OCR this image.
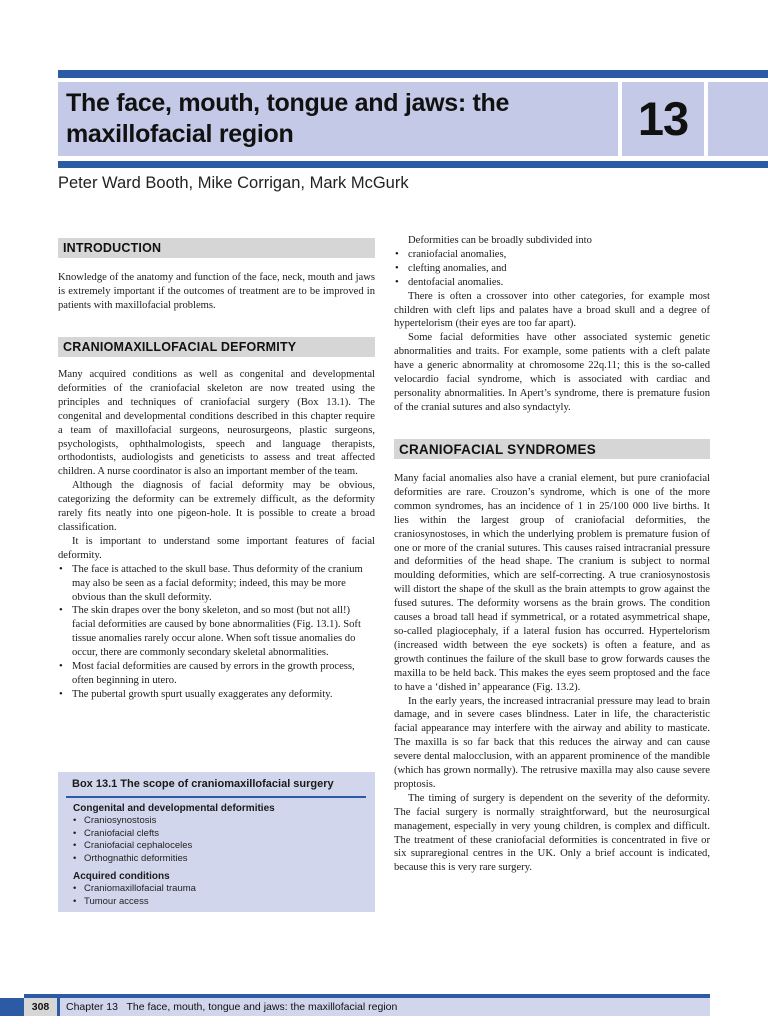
The face, mouth, tongue and jaws: the
maxillofacial region	13
Peter Ward Booth, Mike Corrigan, Mark McGurk
INTRODUCTION

Knowledge of the anatomy and function of the face, neck, mouth and jaws is extremely important if the outcomes of treatment are to be improved in patients with maxillofacial problems.

CRANIOMAXILLOFACIAL DEFORMITY

Many acquired conditions as well as congenital and developmental deformities of the craniofacial skeleton are now treated using the principles and techniques of craniofacial surgery (Box 13.1). The congenital and developmental conditions described in this chapter require a team of maxillofacial surgeons, neurosurgeons, plastic surgeons, psychologists, ophthalmologists, speech and language therapists, orthodontists, audiologists and geneticists to assess and treat affected children. A nurse coordinator is also an important member of the team.

Although the diagnosis of facial deformity may be obvious, categorizing the deformity can be extremely difficult, as the deformity rarely fits neatly into one pigeon-hole. It is possible to create a broad classification.

It is important to understand some important features of facial deformity.

• The face is attached to the skull base. Thus deformity of the cranium may also be seen as a facial deformity; indeed, this may be more obvious than the skull deformity.
• The skin drapes over the bony skeleton, and so most (but not all!) facial deformities are caused by bone abnormalities (Fig. 13.1). Soft tissue anomalies rarely occur alone. When soft tissue anomalies do occur, there are commonly secondary skeletal abnormalities.
• Most facial deformities are caused by errors in the growth process, often beginning in utero.
• The pubertal growth spurt usually exaggerates any deformity.
Box 13.1 The scope of craniomaxillofacial surgery
Congenital and developmental deformities
• Craniosynostosis
• Craniofacial clefts
• Craniofacial cephaloceles
• Orthognathic deformities
Acquired conditions
• Craniomaxillofacial trauma
• Tumour access

Deformities can be broadly subdivided into

• craniofacial anomalies,
• clefting anomalies, and
• dentofacial anomalies.

There is often a crossover into other categories, for example most children with cleft lips and palates have a broad skull and a degree of hypertelorism (their eyes are too far apart).

Some facial deformities have other associated systemic genetic abnormalities and traits. For example, some patients with a cleft palate have a generic abnormality at chromosome 22q.11; this is the so-called velocardio facial syndrome, which is associated with cardiac and personality abnormalities. In Apert’s syndrome, there is premature fusion of the cranial sutures and also syndactyly.

CRANIOFACIAL SYNDROMES

Many facial anomalies also have a cranial element, but pure craniofacial deformities are rare. Crouzon’s syndrome, which is one of the more common syndromes, has an incidence of 1 in 25/100 000 live births. It lies within the largest group of craniofacial deformities, the craniosynostoses, in which the underlying problem is premature fusion of one or more of the cranial sutures. This causes raised intracranial pressure and deformities of the head shape. The cranium is subject to normal moulding deformities, which are self-correcting. A true craniosynostosis will distort the shape of the skull as the brain attempts to grow against the fused sutures. The deformity worsens as the brain grows. The condition causes a broad tall head if symmetrical, or a rotated asymmetrical shape, so-called plagiocephaly, if a lateral fusion has occurred. Hypertelorism (increased width between the eye sockets) is often a feature, and as growth continues the failure of the skull base to grow forwards causes the maxilla to be held back. This makes the eyes seem proptosed and the face to have a ‘dished in’ appearance (Fig. 13.2).

In the early years, the increased intracranial pressure may lead to brain damage, and in severe cases blindness. Later in life, the characteristic facial appearance may interfere with the airway and ability to masticate. The maxilla is so far back that this reduces the airway and can cause severe dental malocclusion, with an apparent prominence of the mandible (which has grown normally). The retrusive maxilla may also cause severe proptosis.

The timing of surgery is dependent on the severity of the deformity. The facial surgery is normally straightforward, but the neurosurgical management, especially in very young children, is complex and difficult. The treatment of these craniofacial deformities is concentrated in five or six supraregional centres in the UK. Only a brief account is indicated, because this is very rare surgery.

308	Chapter 13   The face, mouth, tongue and jaws: the maxillofacial region
